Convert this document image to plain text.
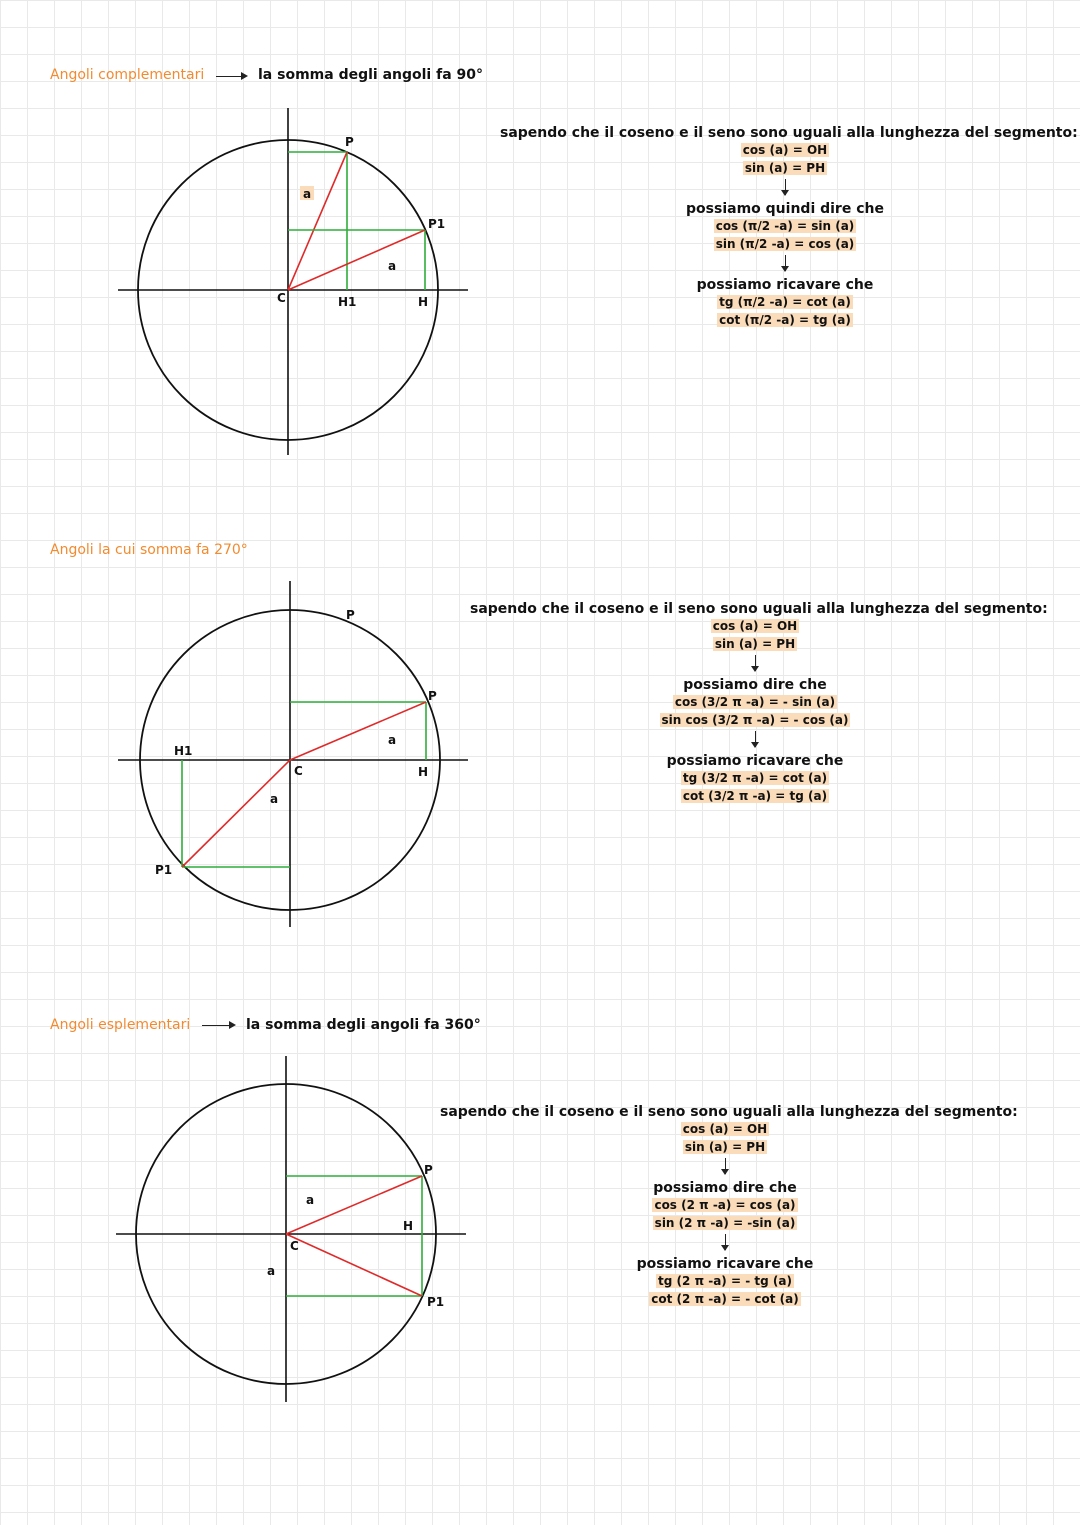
Angoli complementari	la somma degli angoli fa 90°
a
a
P
P1
C	H1	H
sapendo che il coseno e il seno sono uguali alla lunghezza del segmento:
cos (a) = OH
sin (a) = PH
possiamo quindi dire che
cos (π/2 -a) = sin (a)
sin (π/2 -a) = cos (a)
possiamo ricavare che
tg (π/2 -a) = cot (a)
cot (π/2 -a) = tg (a)
Angoli la cui somma fa 270°
P
P
a
C	H
H1
a
P1
sapendo che il coseno e il seno sono uguali alla lunghezza del segmento:
cos (a) = OH
sin (a) = PH
possiamo dire che
cos (3/2 π -a) = - sin (a)
sin cos (3/2 π -a) = - cos (a)
possiamo ricavare che
tg (3/2 π -a) = cot (a)
cot (3/2 π -a) = tg (a)
Angoli esplementari	la somma degli angoli fa 360°
P
a
H
C
a
P1
sapendo che il coseno e il seno sono uguali alla lunghezza del segmento:
cos (a) = OH
sin (a) = PH
possiamo dire che
cos (2 π -a) = cos (a)
sin (2 π -a) = -sin (a)
possiamo ricavare che
tg (2 π -a) = - tg (a)
cot (2 π -a) = - cot (a)
